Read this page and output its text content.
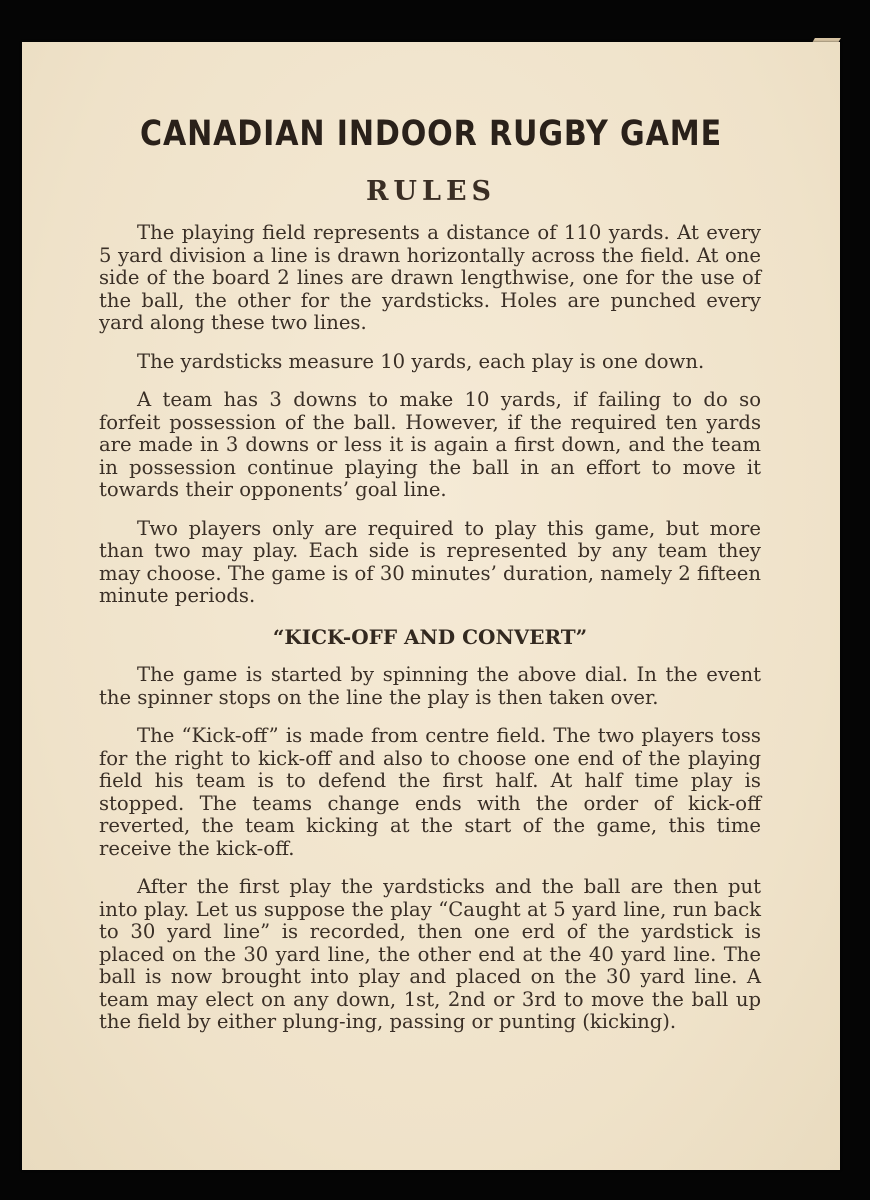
CANADIAN INDOOR RUGBY GAME
RULES

The playing field represents a distance of 110 yards. At every 5 yard division a line is drawn horizontally across the field. At one side of the board 2 lines are drawn lengthwise, one for the use of the ball, the other for the yardsticks. Holes are punched every yard along these two lines.

The yardsticks measure 10 yards, each play is one down.

A team has 3 downs to make 10 yards, if failing to do so forfeit possession of the ball. However, if the required ten yards are made in 3 downs or less it is again a first down, and the team in possession continue playing the ball in an effort to move it towards their opponents’ goal line.

Two players only are required to play this game, but more than two may play. Each side is represented by any team they may choose. The game is of 30 minutes’ duration, namely 2 fifteen minute periods.

“KICK-OFF AND CONVERT”

The game is started by spinning the above dial. In the event the spinner stops on the line the play is then taken over.

The “Kick-off” is made from centre field. The two players toss for the right to kick-off and also to choose one end of the playing field his team is to defend the first half. At half time play is stopped. The teams change ends with the order of kick-off reverted, the team kicking at the start of the game, this time receive the kick-off.

After the first play the yardsticks and the ball are then put into play. Let us suppose the play “Caught at 5 yard line, run back to 30 yard line” is recorded, then one erd of the yardstick is placed on the 30 yard line, the other end at the 40 yard line. The ball is now brought into play and placed on the 30 yard line. A team may elect on any down, 1st, 2nd or 3rd to move the ball up the field by either plung-ing, passing or punting (kicking).
